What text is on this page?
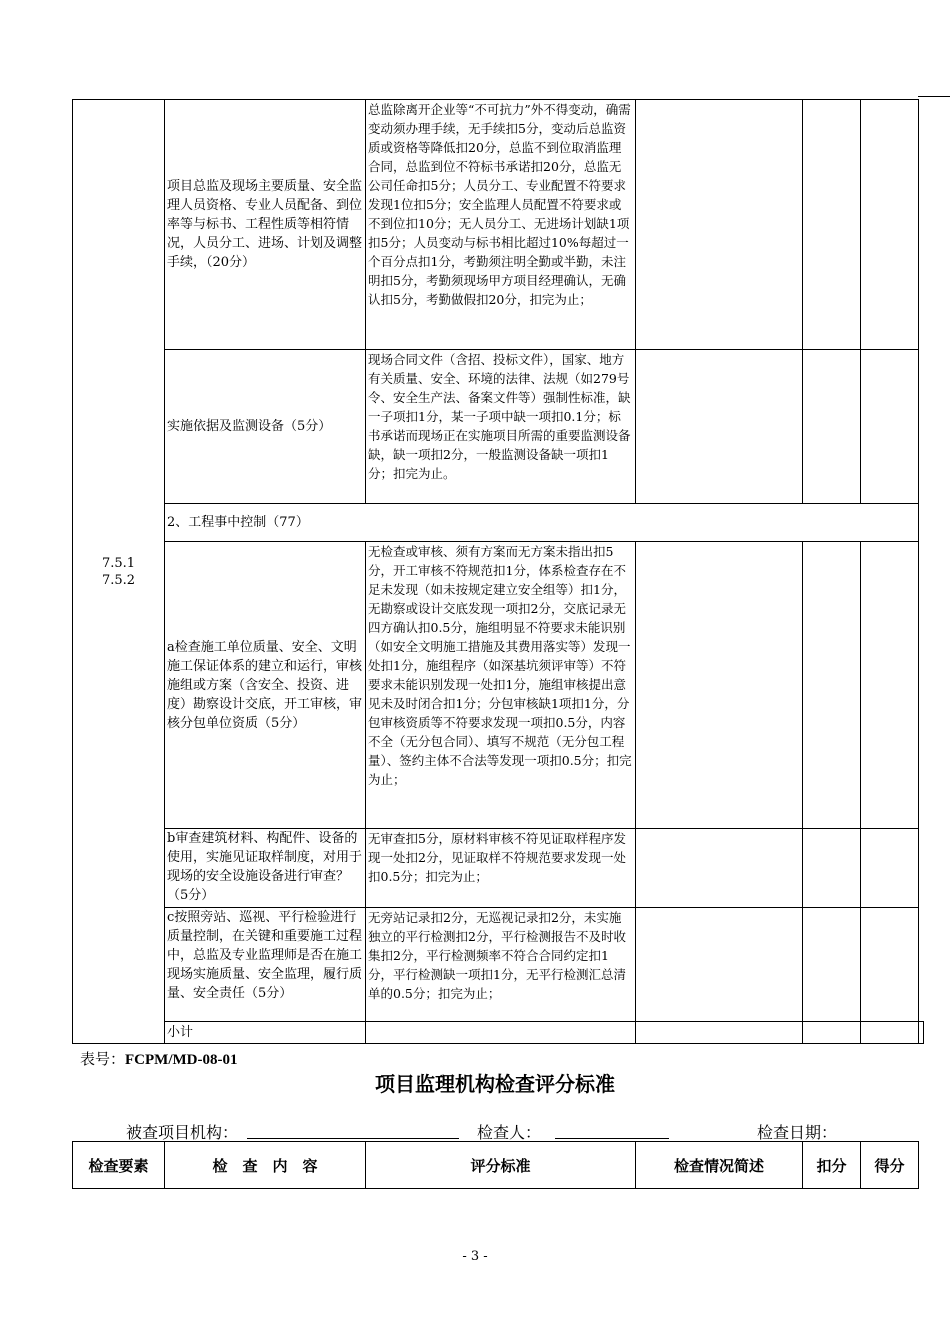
7.5.1
7.5.2	项目总监及现场主要质量、安全监理人员资格、专业人员配备、到位率等与标书、工程性质等相符情况，人员分工、进场、计划及调整手续，（20分）	总监除离开企业等“不可抗力”外不得变动，确需变动须办理手续，无手续扣5分，变动后总监资质或资格等降低扣20分，总监不到位取消监理合同，总监到位不符标书承诺扣20分，总监无公司任命扣5分；人员分工、专业配置不符要求发现1位扣5分；安全监理人员配置不符要求或不到位扣10分；无人员分工、无进场计划缺1项扣5分；人员变动与标书相比超过10%每超过一个百分点扣1分，考勤须注明全勤或半勤，未注明扣5分，考勤须现场甲方项目经理确认，无确认扣5分，考勤做假扣20分，扣完为止；				
	实施依据及监测设备（5分）	现场合同文件（含招、投标文件），国家、地方有关质量、安全、环境的法律、法规（如279号令、安全生产法、备案文件等）强制性标准，缺一子项扣1分，某一子项中缺一项扣0.1分；标书承诺而现场正在实施项目所需的重要监测设备缺，缺一项扣2分，一般监测设备缺一项扣1分；扣完为止。				
	2、工程事中控制（77）					
	a检查施工单位质量、安全、文明施工保证体系的建立和运行，审核施组或方案（含安全、投资、进度）勘察设计交底，开工审核，审核分包单位资质（5分）	无检查或审核、须有方案而无方案未指出扣5分，开工审核不符规范扣1分，体系检查存在不足未发现（如未按规定建立安全组等）扣1分，无勘察或设计交底发现一项扣2分，交底记录无四方确认扣0.5分，施组明显不符要求未能识别（如安全文明施工措施及其费用落实等）发现一处扣1分，施组程序（如深基坑须评审等）不符要求未能识别发现一处扣1分，施组审核提出意见未及时闭合扣1分；分包审核缺1项扣1分，分包审核资质等不符要求发现一项扣0.5分，内容不全（无分包合同）、填写不规范（无分包工程量）、签约主体不合法等发现一项扣0.5分；扣完为止；				
	b审查建筑材料、构配件、设备的使用，实施见证取样制度，对用于现场的安全设施设备进行审查？（5分）	无审查扣5分，原材料审核不符见证取样程序发现一处扣2分，见证取样不符规范要求发现一处扣0.5分；扣完为止；				
	c按照旁站、巡视、平行检验进行质量控制，在关键和重要施工过程中，总监及专业监理师是否在施工现场实施质量、安全监理，履行质量、安全责任（5分）	无旁站记录扣2分，无巡视记录扣2分，未实施独立的平行检测扣2分，平行检测报告不及时收集扣2分，平行检测频率不符合合同约定扣1分，平行检测缺一项扣1分，无平行检测汇总清单的0.5分；扣完为止；				
	小计					
表号：FCPM/MD-08-01
项目监理机构检查评分标准
被查项目机构：	检查人：	检查日期：
检查要素	检　查　内　容	评分标准	检查情况简述	扣分	得分
- 3 -
